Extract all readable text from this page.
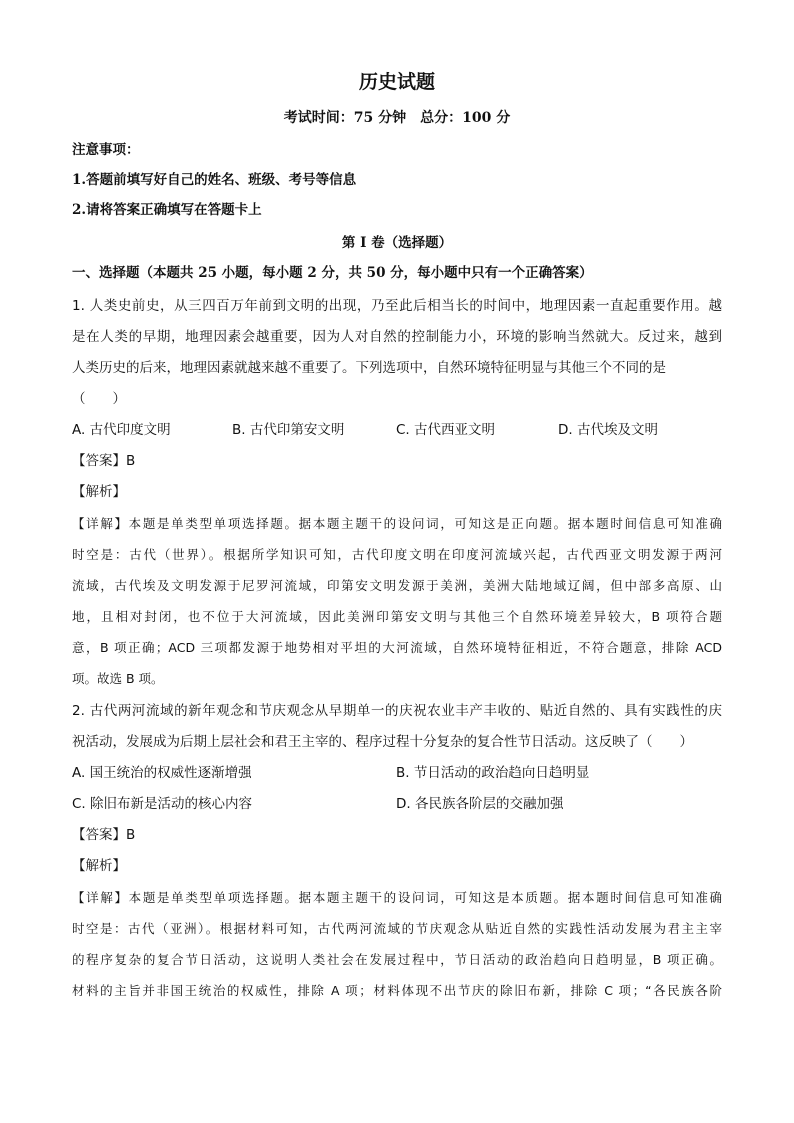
历史试题
考试时间：75 分钟　总分：100 分
注意事项：
1.答题前填写好自己的姓名、班级、考号等信息
2.请将答案正确填写在答题卡上
第 I 卷（选择题）
一、选择题（本题共 25 小题，每小题 2 分，共 50 分，每小题中只有一个正确答案）
1. 人类史前史，从三四百万年前到文明的出现，乃至此后相当长的时间中，地理因素一直起重要作用。越
是在人类的早期，地理因素会越重要，因为人对自然的控制能力小，环境的影响当然就大。反过来，越到
人类历史的后来，地理因素就越来越不重要了。下列选项中，自然环境特征明显与其他三个不同的是
（　　）
A. 古代印度文明	B. 古代印第安文明	C. 古代西亚文明	D. 古代埃及文明
【答案】B
【解析】
【详解】本题是单类型单项选择题。据本题主题干的设问词，可知这是正向题。据本题时间信息可知准确
时空是：古代（世界）。根据所学知识可知，古代印度文明在印度河流域兴起，古代西亚文明发源于两河
流域，古代埃及文明发源于尼罗河流域，印第安文明发源于美洲，美洲大陆地域辽阔，但中部多高原、山
地，且相对封闭，也不位于大河流域，因此美洲印第安文明与其他三个自然环境差异较大，B 项符合题
意，B 项正确；ACD 三项都发源于地势相对平坦的大河流域，自然环境特征相近，不符合题意，排除 ACD
项。故选 B 项。
2. 古代两河流域的新年观念和节庆观念从早期单一的庆祝农业丰产丰收的、贴近自然的、具有实践性的庆
祝活动，发展成为后期上层社会和君王主宰的、程序过程十分复杂的复合性节日活动。这反映了（　　）
A. 国王统治的权威性逐渐增强	B. 节日活动的政治趋向日趋明显
C. 除旧布新是活动的核心内容	D. 各民族各阶层的交融加强
【答案】B
【解析】
【详解】本题是单类型单项选择题。据本题主题干的设问词，可知这是本质题。据本题时间信息可知准确
时空是：古代（亚洲）。根据材料可知，古代两河流域的节庆观念从贴近自然的实践性活动发展为君主主宰
的程序复杂的复合节日活动，这说明人类社会在发展过程中，节日活动的政治趋向日趋明显，B 项正确。
材料的主旨并非国王统治的权威性，排除 A 项；材料体现不出节庆的除旧布新，排除 C 项；“各民族各阶
